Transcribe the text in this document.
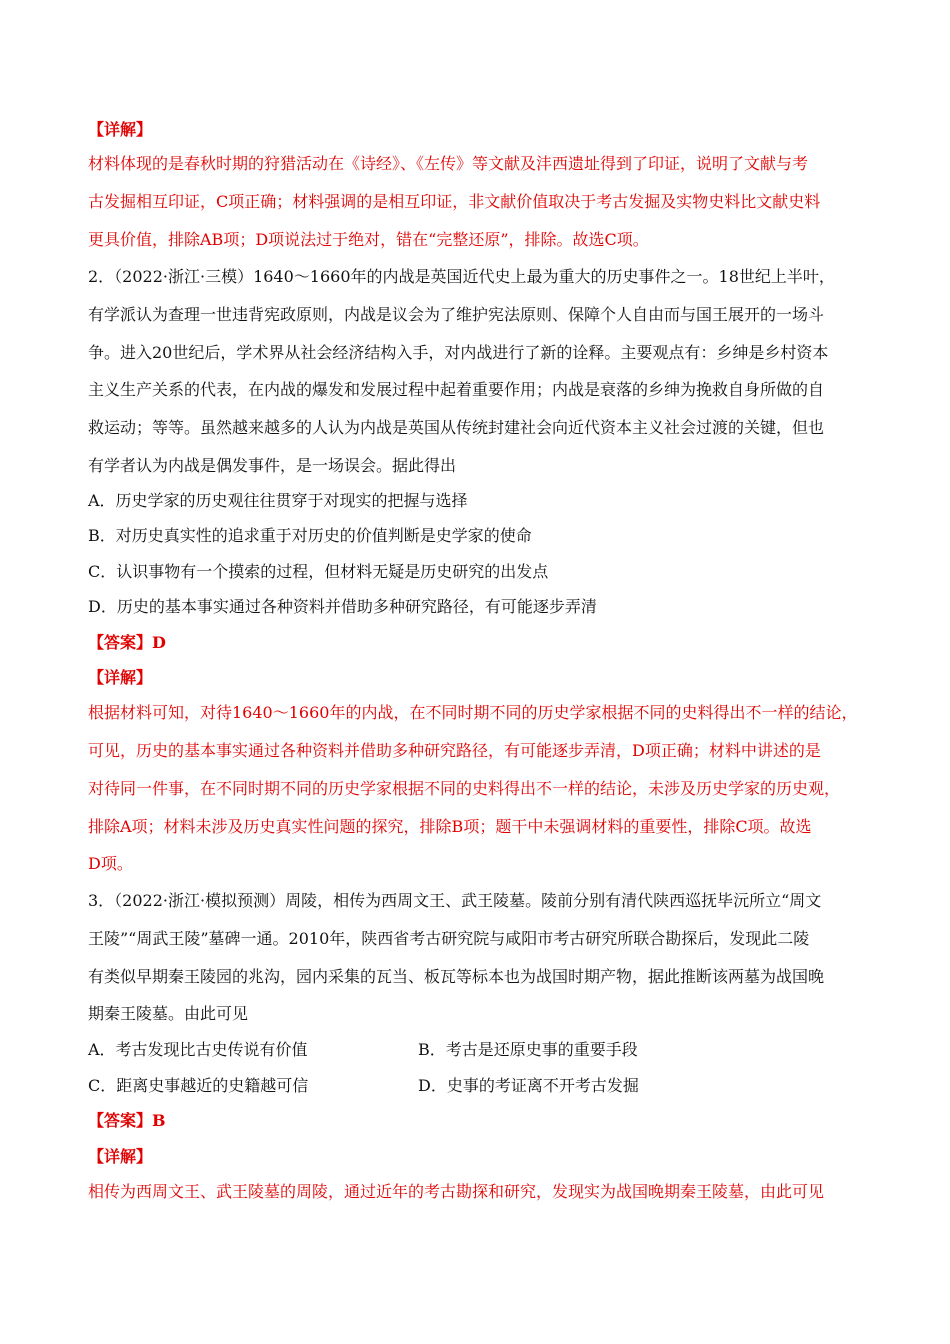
【详解】
材料体现的是春秋时期的狩猎活动在《诗经》、《左传》等文献及沣西遗址得到了印证，说明了文献与考
古发掘相互印证，C项正确；材料强调的是相互印证，非文献价值取决于考古发掘及实物史料比文献史料
更具价值，排除AB项；D项说法过于绝对，错在“完整还原”，排除。故选C项。
2．（2022·浙江·三模）1640～1660年的内战是英国近代史上最为重大的历史事件之一。18世纪上半叶，
有学派认为查理一世违背宪政原则，内战是议会为了维护宪法原则、保障个人自由而与国王展开的一场斗
争。进入20世纪后，学术界从社会经济结构入手，对内战进行了新的诠释。主要观点有：乡绅是乡村资本
主义生产关系的代表，在内战的爆发和发展过程中起着重要作用；内战是衰落的乡绅为挽救自身所做的自
救运动；等等。虽然越来越多的人认为内战是英国从传统封建社会向近代资本主义社会过渡的关键，但也
有学者认为内战是偶发事件，是一场误会。据此得出
A．历史学家的历史观往往贯穿于对现实的把握与选择
B．对历史真实性的追求重于对历史的价值判断是史学家的使命
C．认识事物有一个摸索的过程，但材料无疑是历史研究的出发点
D．历史的基本事实通过各种资料并借助多种研究路径，有可能逐步弄清
【答案】D
【详解】
根据材料可知，对待1640～1660年的内战，在不同时期不同的历史学家根据不同的史料得出不一样的结论，
可见，历史的基本事实通过各种资料并借助多种研究路径，有可能逐步弄清，D项正确；材料中讲述的是
对待同一件事，在不同时期不同的历史学家根据不同的史料得出不一样的结论，未涉及历史学家的历史观，
排除A项；材料未涉及历史真实性问题的探究，排除B项；题干中未强调材料的重要性，排除C项。故选
D项。
3．（2022·浙江·模拟预测）周陵，相传为西周文王、武王陵墓。陵前分别有清代陕西巡抚毕沅所立“周文
王陵”“周武王陵”墓碑一通。2010年，陕西省考古研究院与咸阳市考古研究所联合勘探后，发现此二陵
有类似早期秦王陵园的兆沟，园内采集的瓦当、板瓦等标本也为战国时期产物，据此推断该两墓为战国晚
期秦王陵墓。由此可见
A．考古发现比古史传说有价值	B．考古是还原史事的重要手段
C．距离史事越近的史籍越可信	D．史事的考证离不开考古发掘
【答案】B
【详解】
相传为西周文王、武王陵墓的周陵，通过近年的考古勘探和研究，发现实为战国晚期秦王陵墓，由此可见
